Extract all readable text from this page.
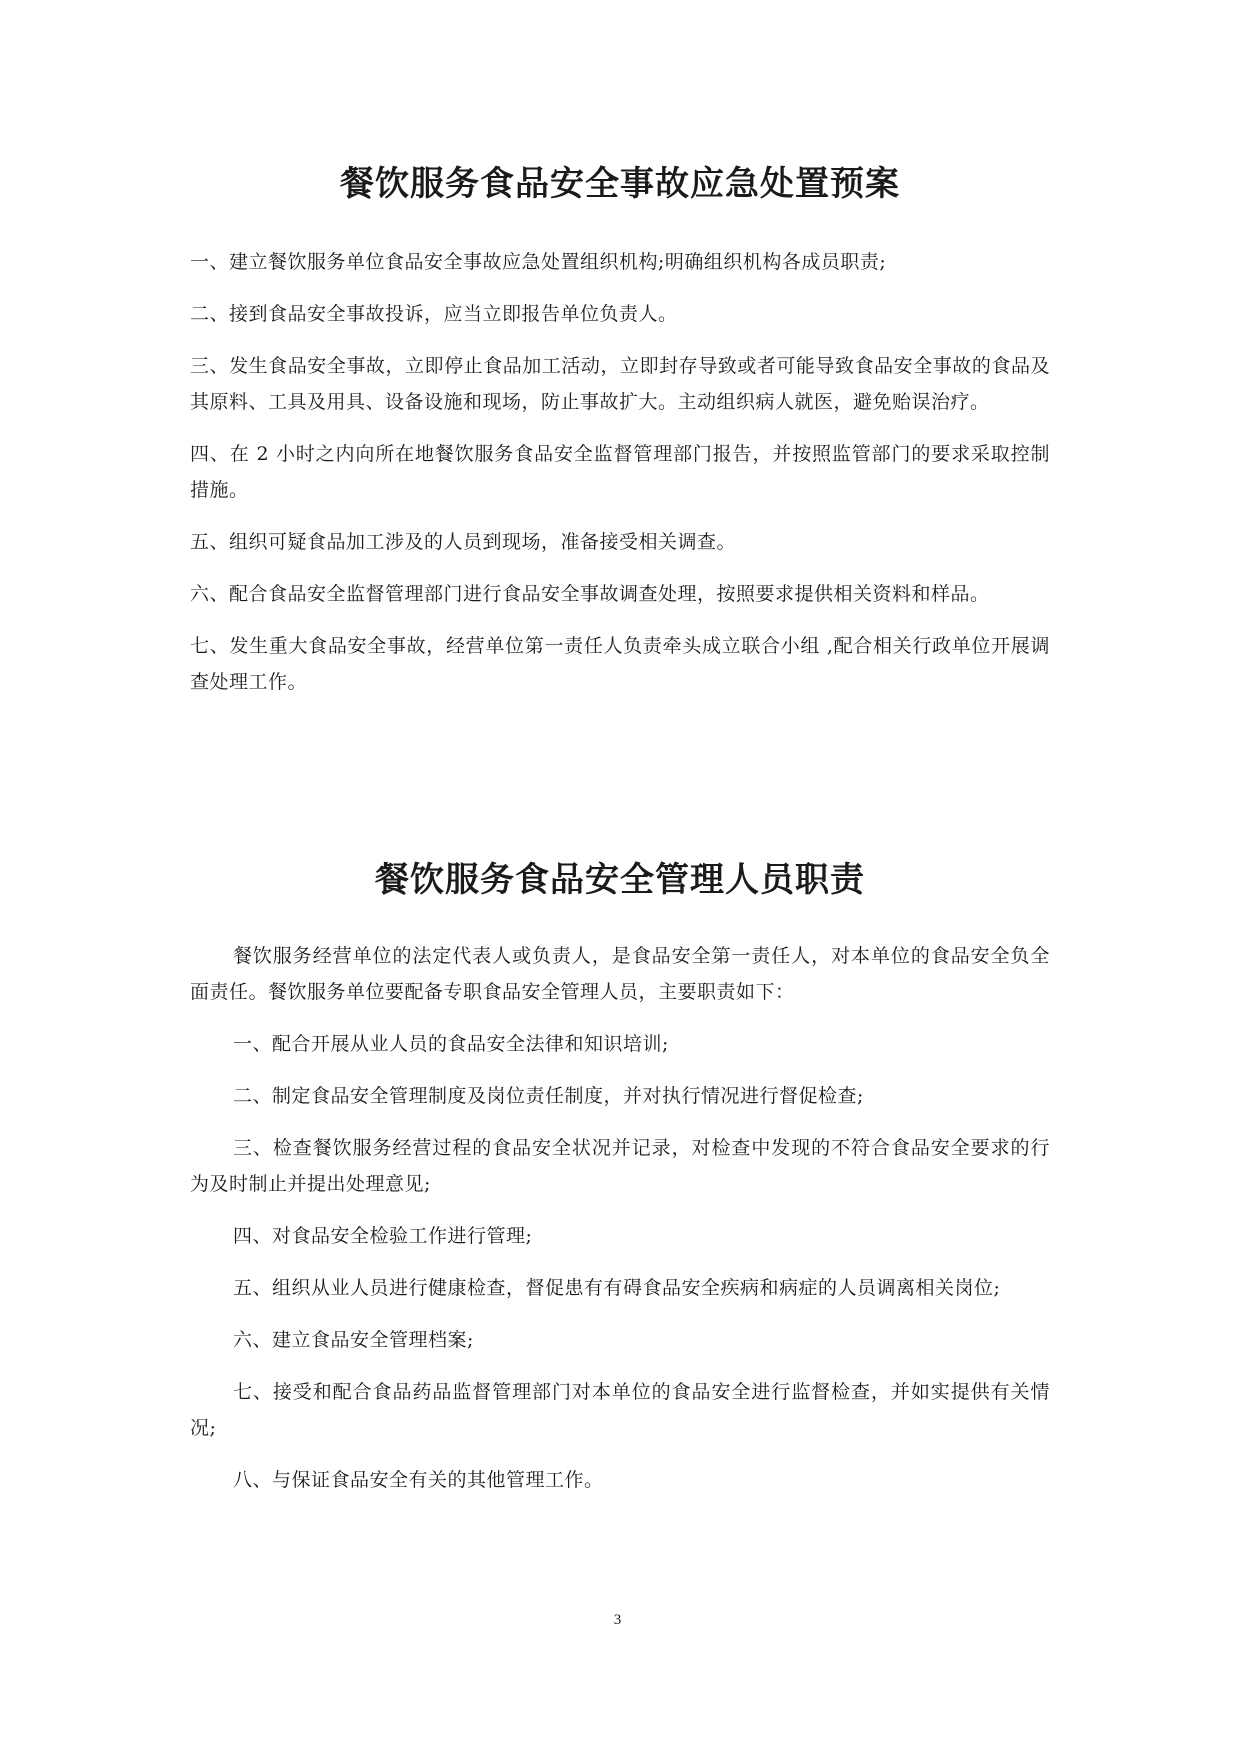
餐饮服务食品安全事故应急处置预案

一、建立餐饮服务单位食品安全事故应急处置组织机构;明确组织机构各成员职责;

二、接到食品安全事故投诉，应当立即报告单位负责人。

三、发生食品安全事故，立即停止食品加工活动，立即封存导致或者可能导致食品安全事故的食品及其原料、工具及用具、设备设施和现场，防止事故扩大。主动组织病人就医，避免贻误治疗。

四、在 2 小时之内向所在地餐饮服务食品安全监督管理部门报告，并按照监管部门的要求采取控制措施。

五、组织可疑食品加工涉及的人员到现场，准备接受相关调查。

六、配合食品安全监督管理部门进行食品安全事故调查处理，按照要求提供相关资料和样品。

七、发生重大食品安全事故，经营单位第一责任人负责牵头成立联合小组 ,配合相关行政单位开展调查处理工作。

餐饮服务食品安全管理人员职责

餐饮服务经营单位的法定代表人或负责人，是食品安全第一责任人，对本单位的食品安全负全面责任。餐饮服务单位要配备专职食品安全管理人员，主要职责如下：

一、配合开展从业人员的食品安全法律和知识培训;

二、制定食品安全管理制度及岗位责任制度，并对执行情况进行督促检查;

三、检查餐饮服务经营过程的食品安全状况并记录，对检查中发现的不符合食品安全要求的行为及时制止并提出处理意见;

四、对食品安全检验工作进行管理;

五、组织从业人员进行健康检查，督促患有有碍食品安全疾病和病症的人员调离相关岗位;

六、建立食品安全管理档案;

七、接受和配合食品药品监督管理部门对本单位的食品安全进行监督检查，并如实提供有关情况;

八、与保证食品安全有关的其他管理工作。

3
